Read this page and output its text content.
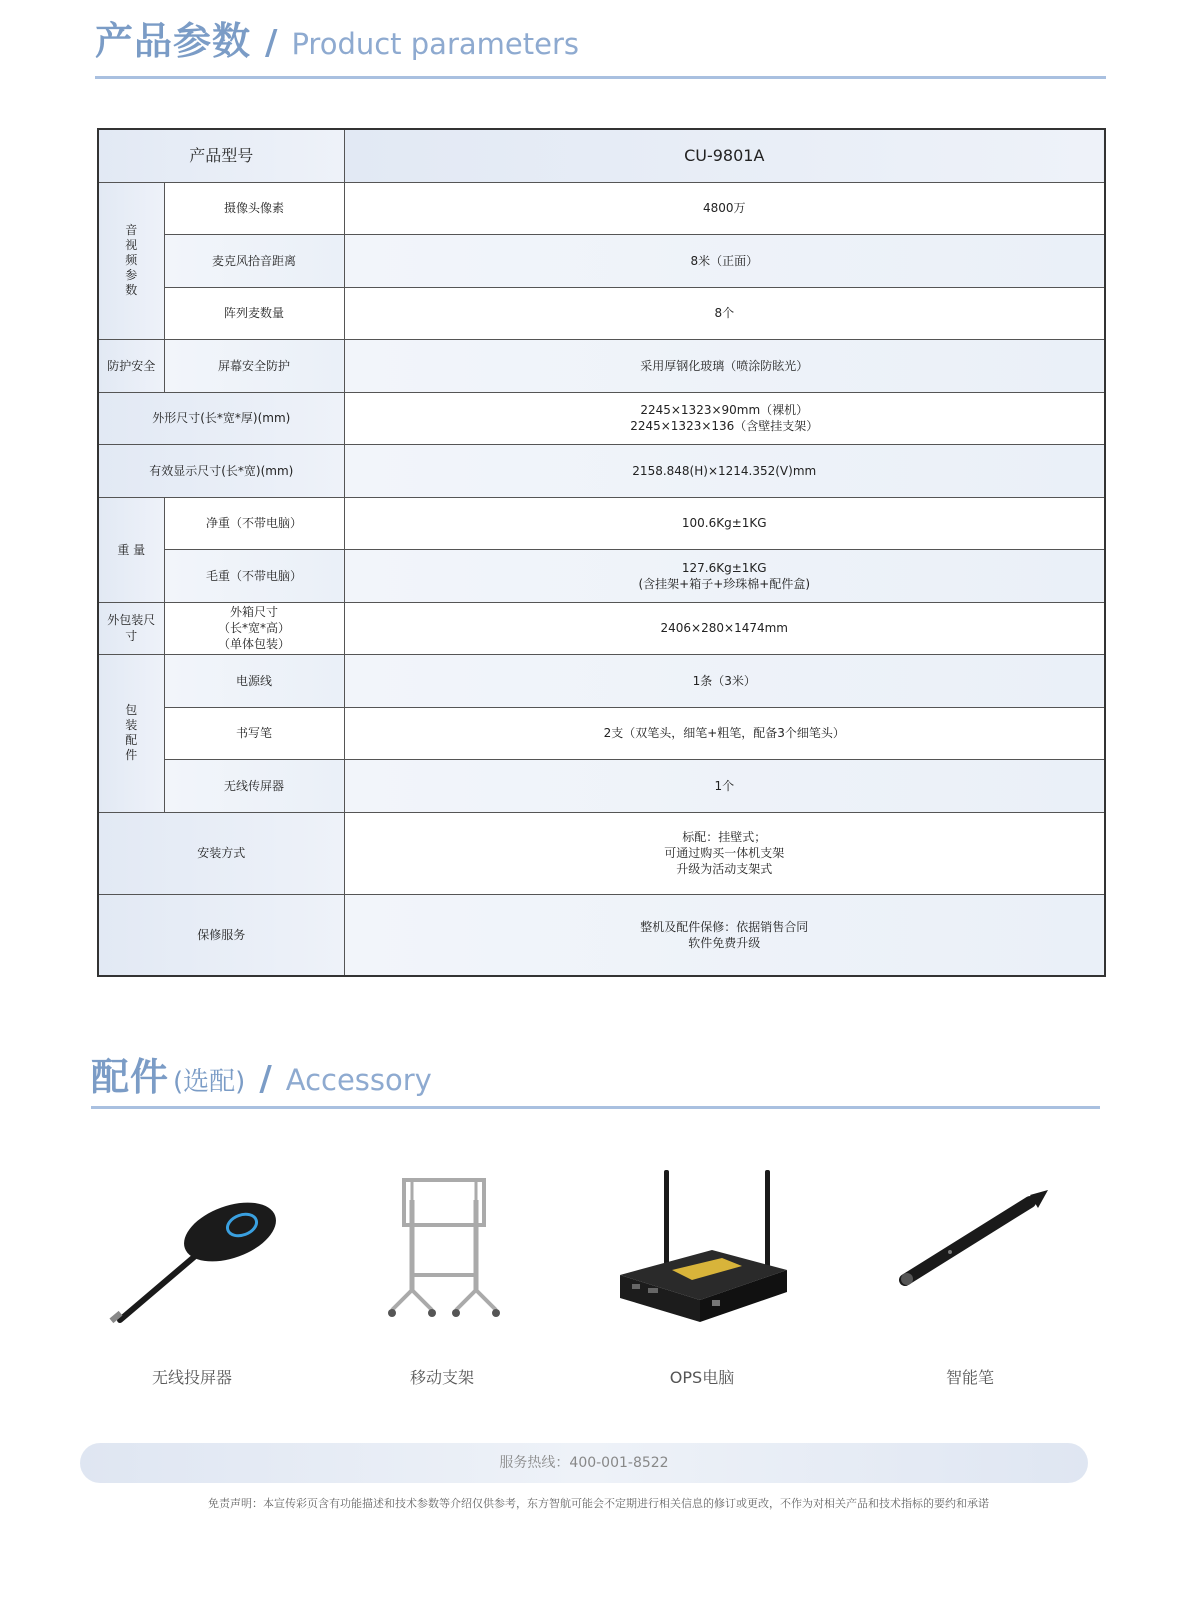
产品参数 / Product parameters
产品型号		CU-9801A
音视频参数	摄像头像素	4800万
	麦克风拾音距离	8米（正面）
	阵列麦数量	8个
防护安全	屏幕安全防护	采用厚钢化玻璃（喷涂防眩光）
外形尺寸(长*宽*厚)(mm)		2245×1323×90mm（裸机）
2245×1323×136（含壁挂支架）

有效显示尺寸(长*宽)(mm)		2158.848(H)×1214.352(V)mm
重 量	净重（不带电脑）	100.6Kg±1KG
	毛重（不带电脑）	127.6Kg±1KG
(含挂架+箱子+珍珠棉+配件盒)

外包装尺寸	外箱尺寸
（长*宽*高）
（单体包装）	2406×280×1474mm
包装配件	电源线	1条（3米）
	书写笔	2支（双笔头，细笔+粗笔，配备3个细笔头）
	无线传屏器	1个
安装方式		标配：挂壁式；
可通过购买一体机支架
升级为活动支架式

保修服务		整机及配件保修：依据销售合同
软件免费升级
配件 (选配) / Accessory
无线投屏器	移动支架	OPS电脑	智能笔
服务热线：400-001-8522
免责声明：本宣传彩页含有功能描述和技术参数等介绍仅供参考，东方智航可能会不定期进行相关信息的修订或更改，不作为对相关产品和技术指标的要约和承诺
